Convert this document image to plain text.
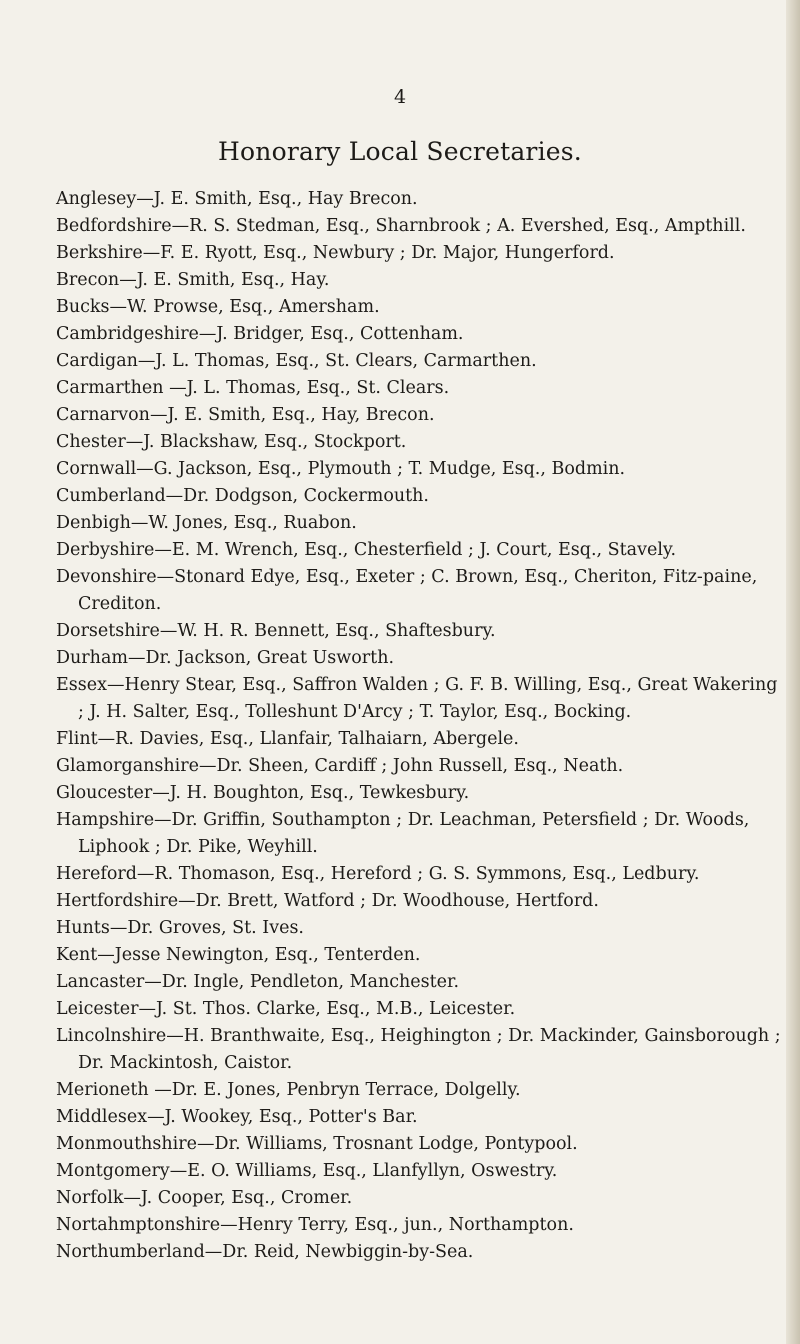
4
Honorary Local Secretaries.
Anglesey—J. E. Smith, Esq., Hay Brecon.
Bedfordshire—R. S. Stedman, Esq., Sharnbrook ; A. Evershed, Esq., Ampthill.
Berkshire—F. E. Ryott, Esq., Newbury ; Dr. Major, Hungerford.
Brecon—J. E. Smith, Esq., Hay.
Bucks—W. Prowse, Esq., Amersham.
Cambridgeshire—J. Bridger, Esq., Cottenham.
Cardigan—J. L. Thomas, Esq., St. Clears, Carmarthen.
Carmarthen —J. L. Thomas, Esq., St. Clears.
Carnarvon—J. E. Smith, Esq., Hay, Brecon.
Chester—J. Blackshaw, Esq., Stockport.
Cornwall—G. Jackson, Esq., Plymouth ; T. Mudge, Esq., Bodmin.
Cumberland—Dr. Dodgson, Cockermouth.
Denbigh—W. Jones, Esq., Ruabon.
Derbyshire—E. M. Wrench, Esq., Chesterfield ; J. Court, Esq., Stavely.
Devonshire—Stonard Edye, Esq., Exeter ; C. Brown, Esq., Cheriton, Fitz-paine, Crediton.
Dorsetshire—W. H. R. Bennett, Esq., Shaftesbury.
Durham—Dr. Jackson, Great Usworth.
Essex—Henry Stear, Esq., Saffron Walden ; G. F. B. Willing, Esq., Great Wakering ; J. H. Salter, Esq., Tolleshunt D'Arcy ; T. Taylor, Esq., Bocking.
Flint—R. Davies, Esq., Llanfair, Talhaiarn, Abergele.
Glamorganshire—Dr. Sheen, Cardiff ; John Russell, Esq., Neath.
Gloucester—J. H. Boughton, Esq., Tewkesbury.
Hampshire—Dr. Griffin, Southampton ; Dr. Leachman, Petersfield ; Dr. Woods, Liphook ; Dr. Pike, Weyhill.
Hereford—R. Thomason, Esq., Hereford ; G. S. Symmons, Esq., Ledbury.
Hertfordshire—Dr. Brett, Watford ; Dr. Woodhouse, Hertford.
Hunts—Dr. Groves, St. Ives.
Kent—Jesse Newington, Esq., Tenterden.
Lancaster—Dr. Ingle, Pendleton, Manchester.
Leicester—J. St. Thos. Clarke, Esq., M.B., Leicester.
Lincolnshire—H. Branthwaite, Esq., Heighington ; Dr. Mackinder, Gainsborough ; Dr. Mackintosh, Caistor.
Merioneth —Dr. E. Jones, Penbryn Terrace, Dolgelly.
Middlesex—J. Wookey, Esq., Potter's Bar.
Monmouthshire—Dr. Williams, Trosnant Lodge, Pontypool.
Montgomery—E. O. Williams, Esq., Llanfyllyn, Oswestry.
Norfolk—J. Cooper, Esq., Cromer.
Nortahmptonshire—Henry Terry, Esq., jun., Northampton.
Northumberland—Dr. Reid, Newbiggin-by-Sea.
